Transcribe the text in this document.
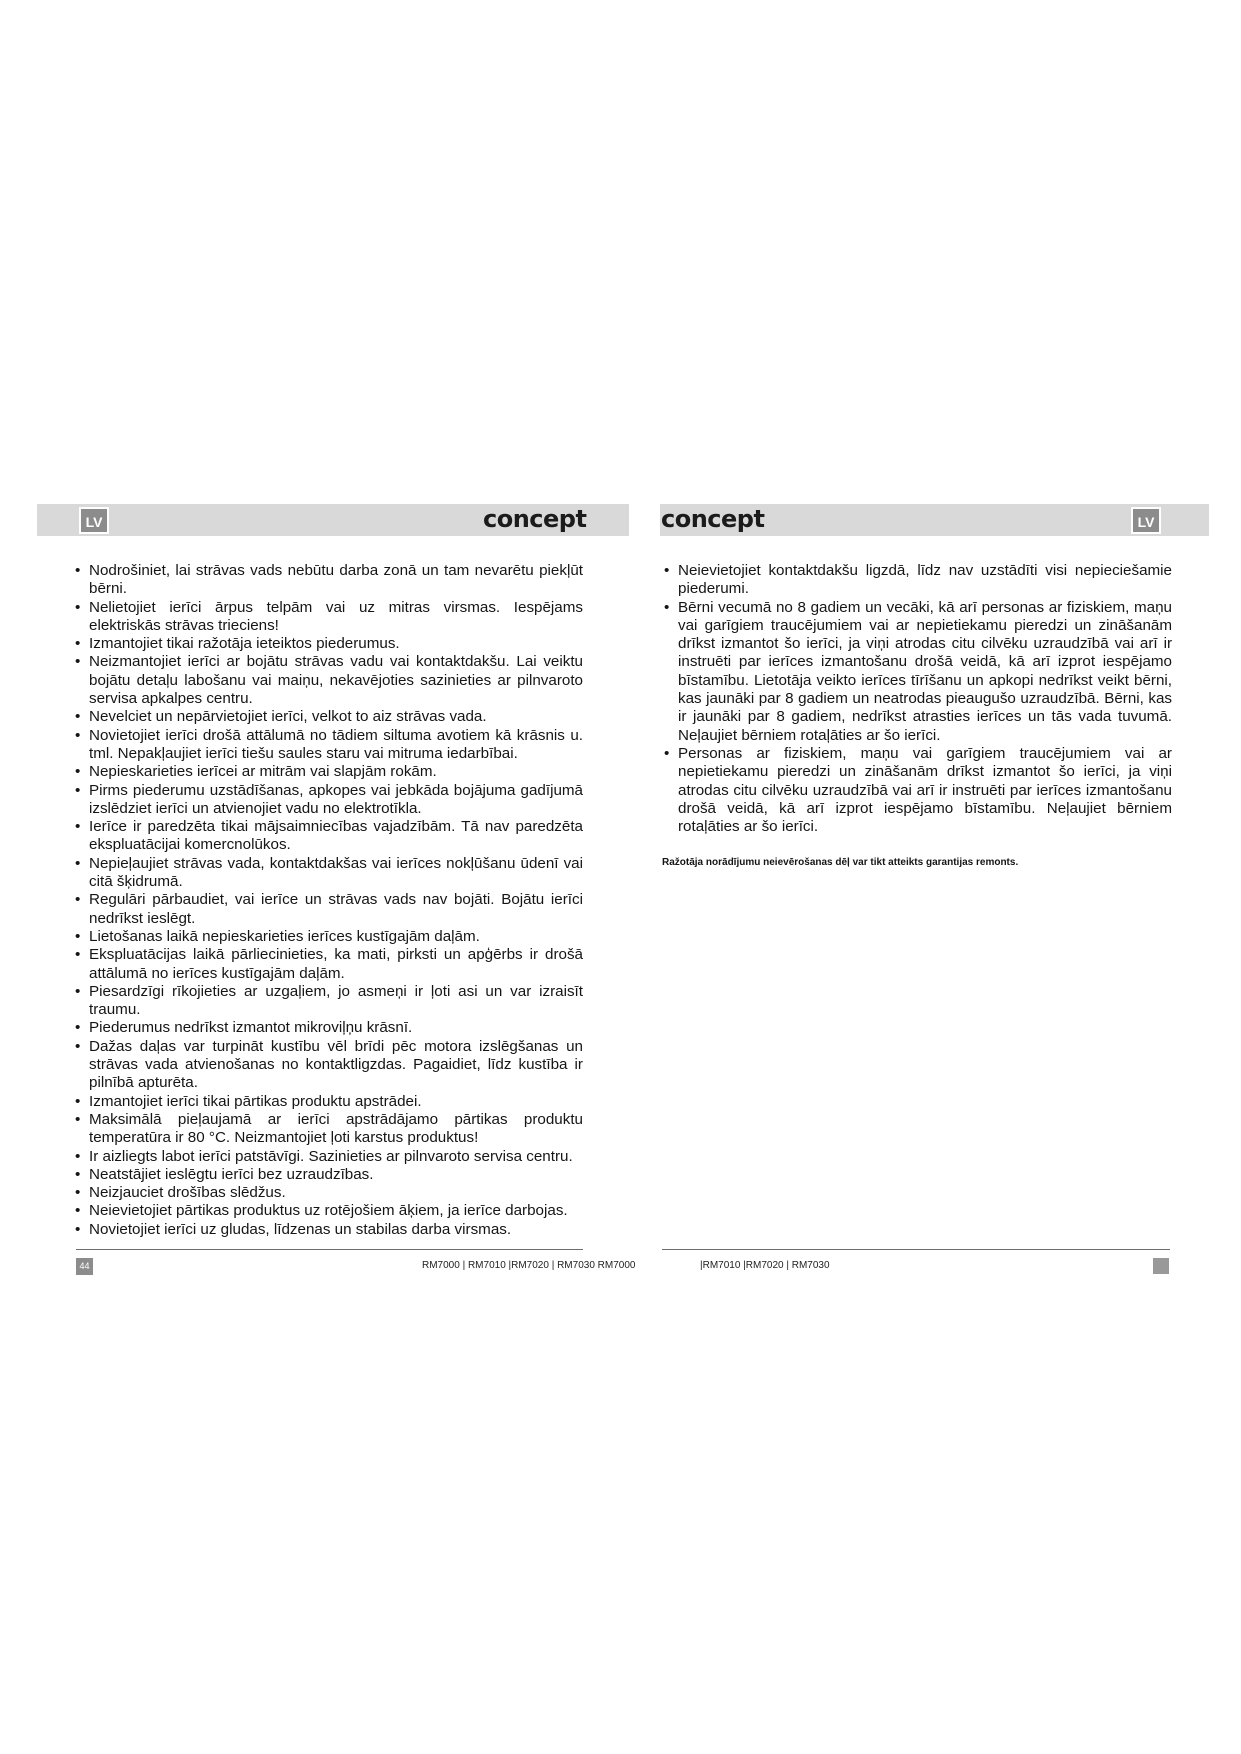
LV	LV
concept	concept
• Nodrošiniet, lai strāvas vads nebūtu darba zonā un tam nevarētu piekļūt bērni.
• Nelietojiet ierīci ārpus telpām vai uz mitras virsmas. Iespējams elektriskās strāvas trieciens!
• Izmantojiet tikai ražotāja ieteiktos piederumus.
• Neizmantojiet ierīci ar bojātu strāvas vadu vai kontaktdakšu. Lai veiktu bojātu detaļu labošanu vai maiņu, nekavējoties sazinieties ar pilnvaroto servisa apkalpes centru.
• Nevelciet un nepārvietojiet ierīci, velkot to aiz strāvas vada.
• Novietojiet ierīci drošā attālumā no tādiem siltuma avotiem kā krāsnis u. tml. Nepakļaujiet ierīci tiešu saules staru vai mitruma iedarbībai.
• Nepieskarieties ierīcei ar mitrām vai slapjām rokām.
• Pirms piederumu uzstādīšanas, apkopes vai jebkāda bojājuma gadījumā izslēdziet ierīci un atvienojiet vadu no elektrotīkla.
• Ierīce ir paredzēta tikai mājsaimniecības vajadzībām. Tā nav paredzēta ekspluatācijai komercnolūkos.
• Nepieļaujiet strāvas vada, kontaktdakšas vai ierīces nokļūšanu ūdenī vai citā šķidrumā.
• Regulāri pārbaudiet, vai ierīce un strāvas vads nav bojāti. Bojātu ierīci nedrīkst ieslēgt.
• Lietošanas laikā nepieskarieties ierīces kustīgajām daļām.
• Ekspluatācijas laikā pārliecinieties, ka mati, pirksti un apģērbs ir drošā attālumā no ierīces kustīgajām daļām.
• Piesardzīgi rīkojieties ar uzgaļiem, jo asmeņi ir ļoti asi un var izraisīt traumu.
• Piederumus nedrīkst izmantot mikroviļņu krāsnī.
• Dažas daļas var turpināt kustību vēl brīdi pēc motora izslēgšanas un strāvas vada atvienošanas no kontaktligzdas. Pagaidiet, līdz kustība ir pilnībā apturēta.
• Izmantojiet ierīci tikai pārtikas produktu apstrādei.
• Maksimālā pieļaujamā ar ierīci apstrādājamo pārtikas produktu temperatūra ir 80 °C. Neizmantojiet ļoti karstus produktus!
• Ir aizliegts labot ierīci patstāvīgi. Sazinieties ar pilnvaroto servisa centru.
• Neatstājiet ieslēgtu ierīci bez uzraudzības.
• Neizjauciet drošības slēdžus.
• Neievietojiet pārtikas produktus uz rotējošiem āķiem, ja ierīce darbojas.
• Novietojiet ierīci uz gludas, līdzenas un stabilas darba virsmas.
• Neievietojiet kontaktdakšu ligzdā, līdz nav uzstādīti visi nepieciešamie piederumi.
• Bērni vecumā no 8 gadiem un vecāki, kā arī personas ar fiziskiem, maņu vai garīgiem traucējumiem vai ar nepietiekamu pieredzi un zināšanām drīkst izmantot šo ierīci, ja viņi atrodas citu cilvēku uzraudzībā vai arī ir instruēti par ierīces izmantošanu drošā veidā, kā arī izprot iespējamo bīstamību. Lietotāja veikto ierīces tīrīšanu un apkopi nedrīkst veikt bērni, kas jaunāki par 8 gadiem un neatrodas pieaugušo uzraudzībā. Bērni, kas ir jaunāki par 8 gadiem, nedrīkst atrasties ierīces un tās vada tuvumā. Neļaujiet bērniem rotaļāties ar šo ierīci.
• Personas ar fiziskiem, maņu vai garīgiem traucējumiem vai ar nepietiekamu pieredzi un zināšanām drīkst izmantot šo ierīci, ja viņi atrodas citu cilvēku uzraudzībā vai arī ir instruēti par ierīces izmantošanu drošā veidā, kā arī izprot iespējamo bīstamību. Neļaujiet bērniem rotaļāties ar šo ierīci.
Ražotāja norādījumu neievērošanas dēļ var tikt atteikts garantijas remonts.
44	RM7000 | RM7010 |RM7020 | RM7030 RM7000	|RM7010 |RM7020 | RM7030
